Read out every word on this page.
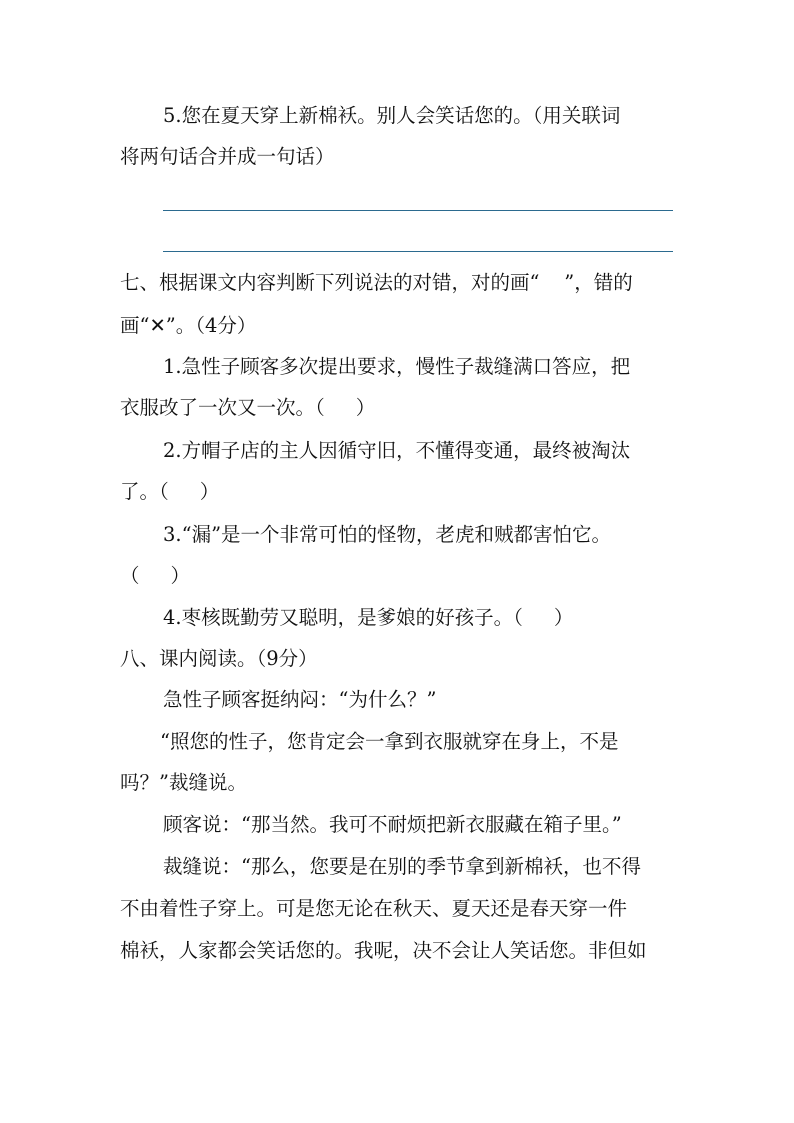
5.您在夏天穿上新棉袄。别人会笑话您的。（用关联词
将两句话合并成一句话）
七、根据课文内容判断下列说法的对错，对的画“    ”，错的
画“✕”。（4分）
1.急性子顾客多次提出要求，慢性子裁缝满口答应，把
衣服改了一次又一次。（     ）
2.方帽子店的主人因循守旧，不懂得变通，最终被淘汰
了。（     ）
3.“漏”是一个非常可怕的怪物，老虎和贼都害怕它。
（     ）
4.枣核既勤劳又聪明，是爹娘的好孩子。（     ）
八、课内阅读。（9分）
急性子顾客挺纳闷：“为什么？”
“照您的性子，您肯定会一拿到衣服就穿在身上，不是
吗？”裁缝说。
顾客说：“那当然。我可不耐烦把新衣服藏在箱子里。”
裁缝说：“那么，您要是在别的季节拿到新棉袄，也不得
不由着性子穿上。可是您无论在秋天、夏天还是春天穿一件
棉袄，人家都会笑话您的。我呢，决不会让人笑话您。非但如
